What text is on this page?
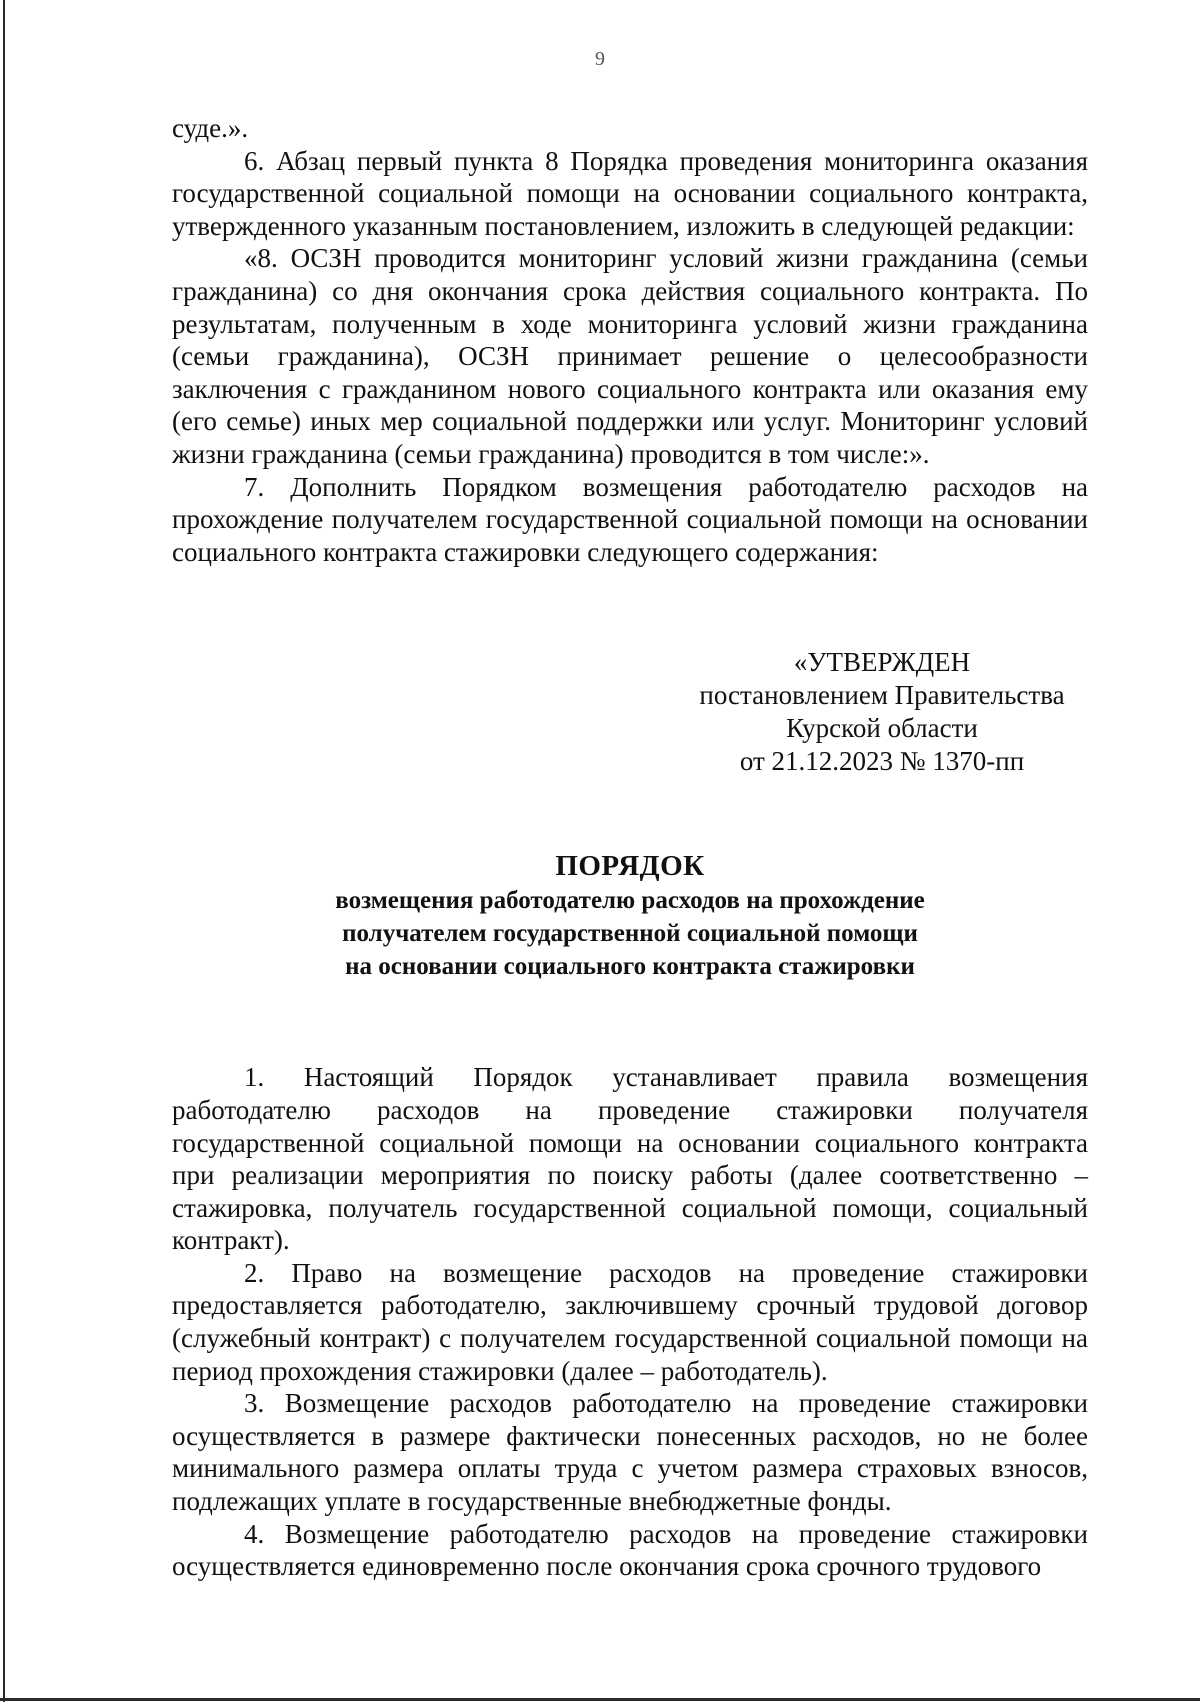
9

суде.».

6. Абзац первый пункта 8 Порядка проведения мониторинга оказания государственной социальной помощи на основании социального контракта, утвержденного указанным постановлением, изложить в следующей редакции:

«8. ОСЗН проводится мониторинг условий жизни гражданина (семьи гражданина) со дня окончания срока действия социального контракта. По результатам, полученным в ходе мониторинга условий жизни гражданина (семьи гражданина), ОСЗН принимает решение о целесообразности заключения с гражданином нового социального контракта или оказания ему (его семье) иных мер социальной поддержки или услуг. Мониторинг условий жизни гражданина (семьи гражданина) проводится в том числе:».

7. Дополнить Порядком возмещения работодателю расходов на прохождение получателем государственной социальной помощи на основании социального контракта стажировки следующего содержания:

«УТВЕРЖДЕН
постановлением Правительства
Курской области
от 21.12.2023 № 1370-пп
ПОРЯДОК
возмещения работодателю расходов на прохождение
получателем государственной социальной помощи
на основании социального контракта стажировки

1. Настоящий Порядок устанавливает правила возмещения работодателю расходов на проведение стажировки получателя государственной социальной помощи на основании социального контракта при реализации мероприятия по поиску работы (далее соответственно – стажировка, получатель государственной социальной помощи, социальный контракт).

2. Право на возмещение расходов на проведение стажировки предоставляется работодателю, заключившему срочный трудовой договор (служебный контракт) с получателем государственной социальной помощи на период прохождения стажировки (далее – работодатель).

3. Возмещение расходов работодателю на проведение стажировки осуществляется в размере фактически понесенных расходов, но не более минимального размера оплаты труда с учетом размера страховых взносов, подлежащих уплате в государственные внебюджетные фонды.

4. Возмещение работодателю расходов на проведение стажировки осуществляется единовременно после окончания срока срочного трудового
